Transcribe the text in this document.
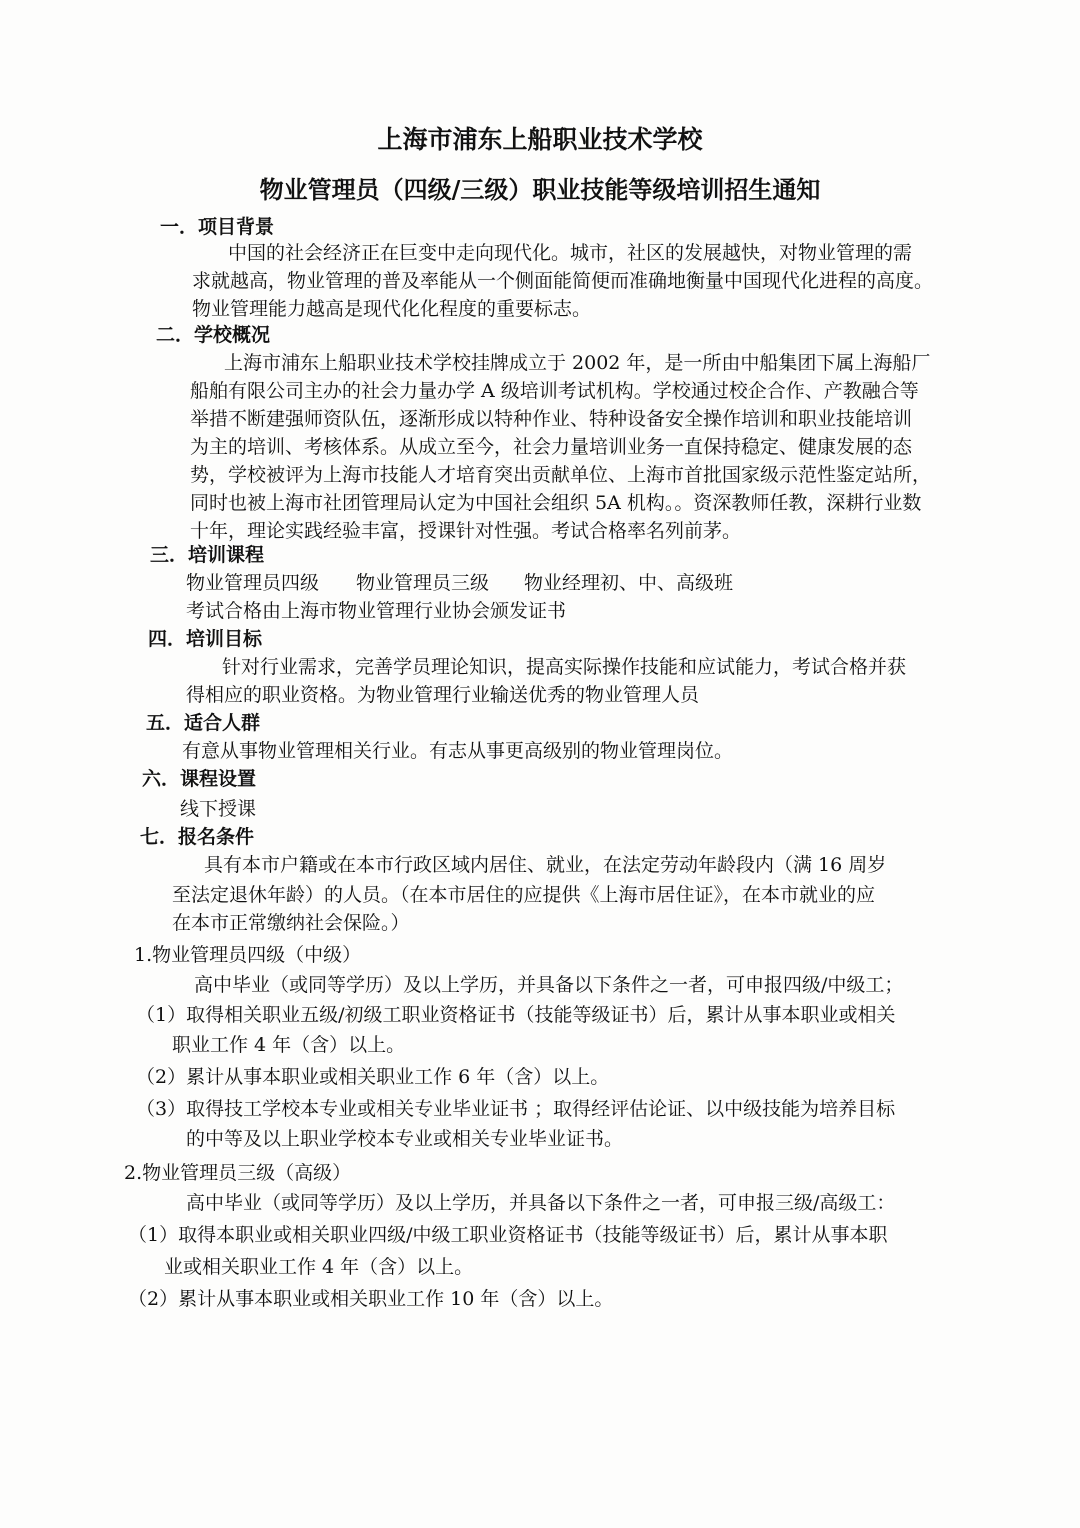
上海市浦东上船职业技术学校
物业管理员（四级/三级）职业技能等级培训招生通知
一．项目背景
中国的社会经济正在巨变中走向现代化。城市，社区的发展越快，对物业管理的需
求就越高，物业管理的普及率能从一个侧面能简便而准确地衡量中国现代化进程的高度。
物业管理能力越高是现代化化程度的重要标志。
二．学校概况
上海市浦东上船职业技术学校挂牌成立于 2002 年，是一所由中船集团下属上海船厂
船舶有限公司主办的社会力量办学 A 级培训考试机构。学校通过校企合作、产教融合等
举措不断建强师资队伍，逐渐形成以特种作业、特种设备安全操作培训和职业技能培训
为主的培训、考核体系。从成立至今，社会力量培训业务一直保持稳定、健康发展的态
势，学校被评为上海市技能人才培育突出贡献单位、上海市首批国家级示范性鉴定站所，
同时也被上海市社团管理局认定为中国社会组织 5A 机构。。资深教师任教，深耕行业数
十年，理论实践经验丰富，授课针对性强。考试合格率名列前茅。
三．培训课程
物业管理员四级 物业管理员三级 物业经理初、中、高级班
考试合格由上海市物业管理行业协会颁发证书
四．培训目标
针对行业需求，完善学员理论知识，提高实际操作技能和应试能力，考试合格并获
得相应的职业资格。为物业管理行业输送优秀的物业管理人员
五．适合人群
有意从事物业管理相关行业。有志从事更高级别的物业管理岗位。
六．课程设置
线下授课
七．报名条件
具有本市户籍或在本市行政区域内居住、就业，在法定劳动年龄段内（满 16 周岁
至法定退休年龄）的人员。（在本市居住的应提供《上海市居住证》，在本市就业的应
在本市正常缴纳社会保险。）
1.物业管理员四级（中级）
高中毕业（或同等学历）及以上学历，并具备以下条件之一者，可申报四级/中级工；
（1）取得相关职业五级/初级工职业资格证书（技能等级证书）后，累计从事本职业或相关
职业工作 4 年（含）以上。
（2）累计从事本职业或相关职业工作 6 年（含）以上。
（3）取得技工学校本专业或相关专业毕业证书 ；取得经评估论证、以中级技能为培养目标
的中等及以上职业学校本专业或相关专业毕业证书。
2.物业管理员三级（高级）
高中毕业（或同等学历）及以上学历，并具备以下条件之一者，可申报三级/高级工：
（1）取得本职业或相关职业四级/中级工职业资格证书（技能等级证书）后，累计从事本职
业或相关职业工作 4 年（含）以上。
（2）累计从事本职业或相关职业工作 10 年（含）以上。
